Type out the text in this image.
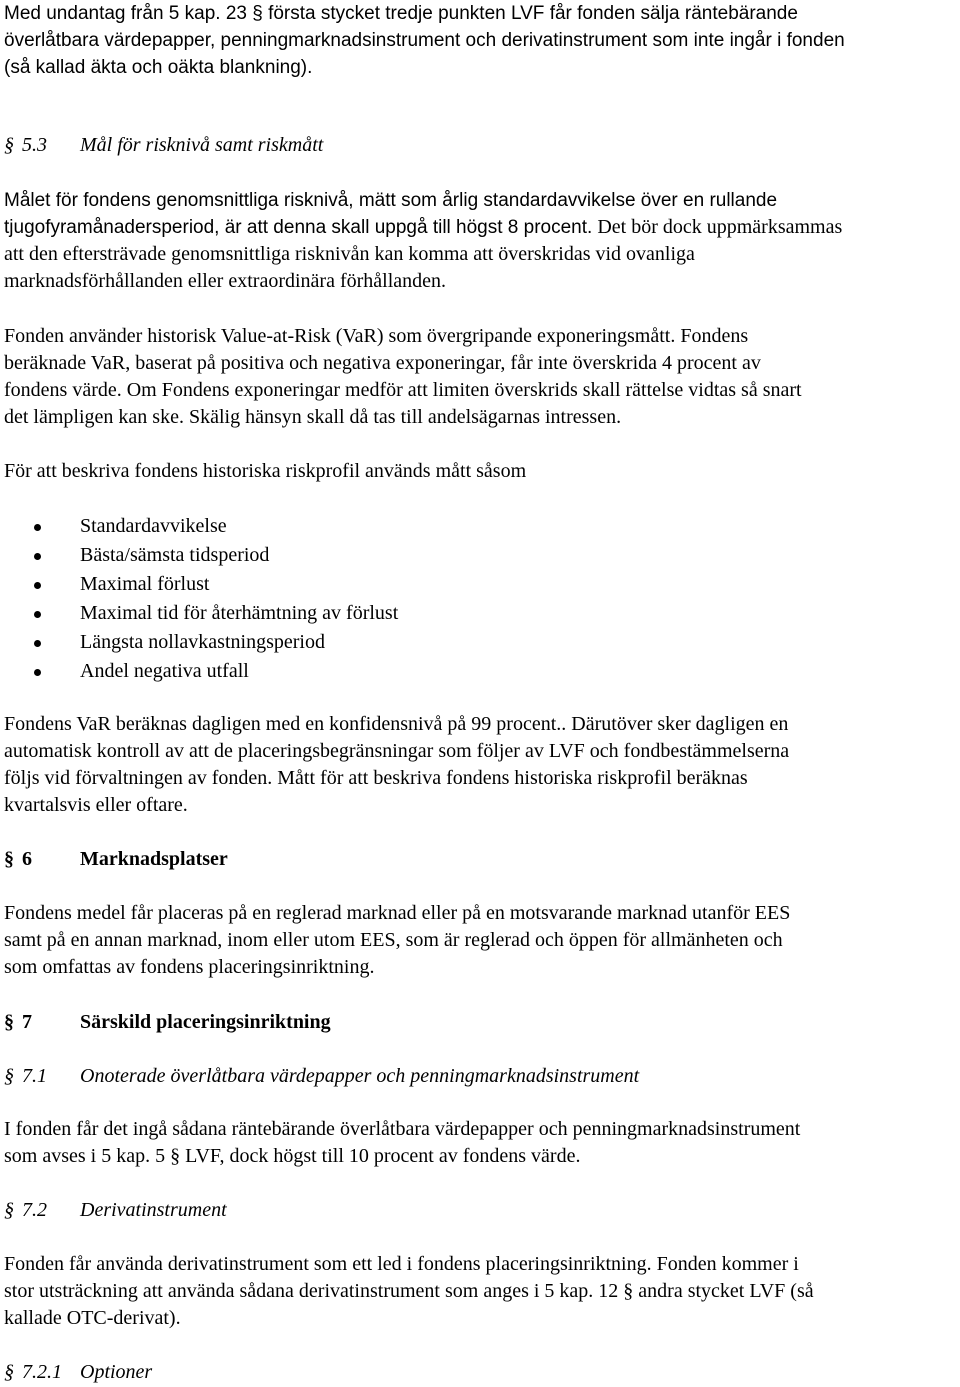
Med undantag från 5 kap. 23 § första stycket tredje punkten LVF får fonden sälja räntebärande
överlåtbara värdepapper, penningmarknadsinstrument och derivatinstrument som inte ingår i fonden
(så kallad äkta och oäkta blankning).
§ 5.3 Mål för risknivå samt riskmått
Målet för fondens genomsnittliga risknivå, mätt som årlig standardavvikelse över en rullande
tjugofyramånadersperiod, är att denna skall uppgå till högst 8 procent. Det bör dock uppmärksammas
att den eftersträvade genomsnittliga risknivån kan komma att överskridas vid ovanliga
marknadsförhållanden eller extraordinära förhållanden.
Fonden använder historisk Value-at-Risk (VaR) som övergripande exponeringsmått. Fondens
beräknade VaR, baserat på positiva och negativa exponeringar, får inte överskrida 4 procent av
fondens värde. Om Fondens exponeringar medför att limiten överskrids skall rättelse vidtas så snart
det lämpligen kan ske. Skälig hänsyn skall då tas till andelsägarnas intressen.
För att beskriva fondens historiska riskprofil används mått såsom
Standardavvikelse
Bästa/sämsta tidsperiod
Maximal förlust
Maximal tid för återhämtning av förlust
Längsta nollavkastningsperiod
Andel negativa utfall
Fondens VaR beräknas dagligen med en konfidensnivå på 99 procent.. Därutöver sker dagligen en
automatisk kontroll av att de placeringsbegränsningar som följer av LVF och fondbestämmelserna
följs vid förvaltningen av fonden. Mått för att beskriva fondens historiska riskprofil beräknas
kvartalsvis eller oftare.
§ 6 Marknadsplatser
Fondens medel får placeras på en reglerad marknad eller på en motsvarande marknad utanför EES
samt på en annan marknad, inom eller utom EES, som är reglerad och öppen för allmänheten och
som omfattas av fondens placeringsinriktning.
§ 7 Särskild placeringsinriktning
§ 7.1 Onoterade överlåtbara värdepapper och penningmarknadsinstrument
I fonden får det ingå sådana räntebärande överlåtbara värdepapper och penningmarknadsinstrument
som avses i 5 kap. 5 § LVF, dock högst till 10 procent av fondens värde.
§ 7.2 Derivatinstrument
Fonden får använda derivatinstrument som ett led i fondens placeringsinriktning. Fonden kommer i
stor utsträckning att använda sådana derivatinstrument som anges i 5 kap. 12 § andra stycket LVF (så
kallade OTC-derivat).
§ 7.2.1 Optioner
